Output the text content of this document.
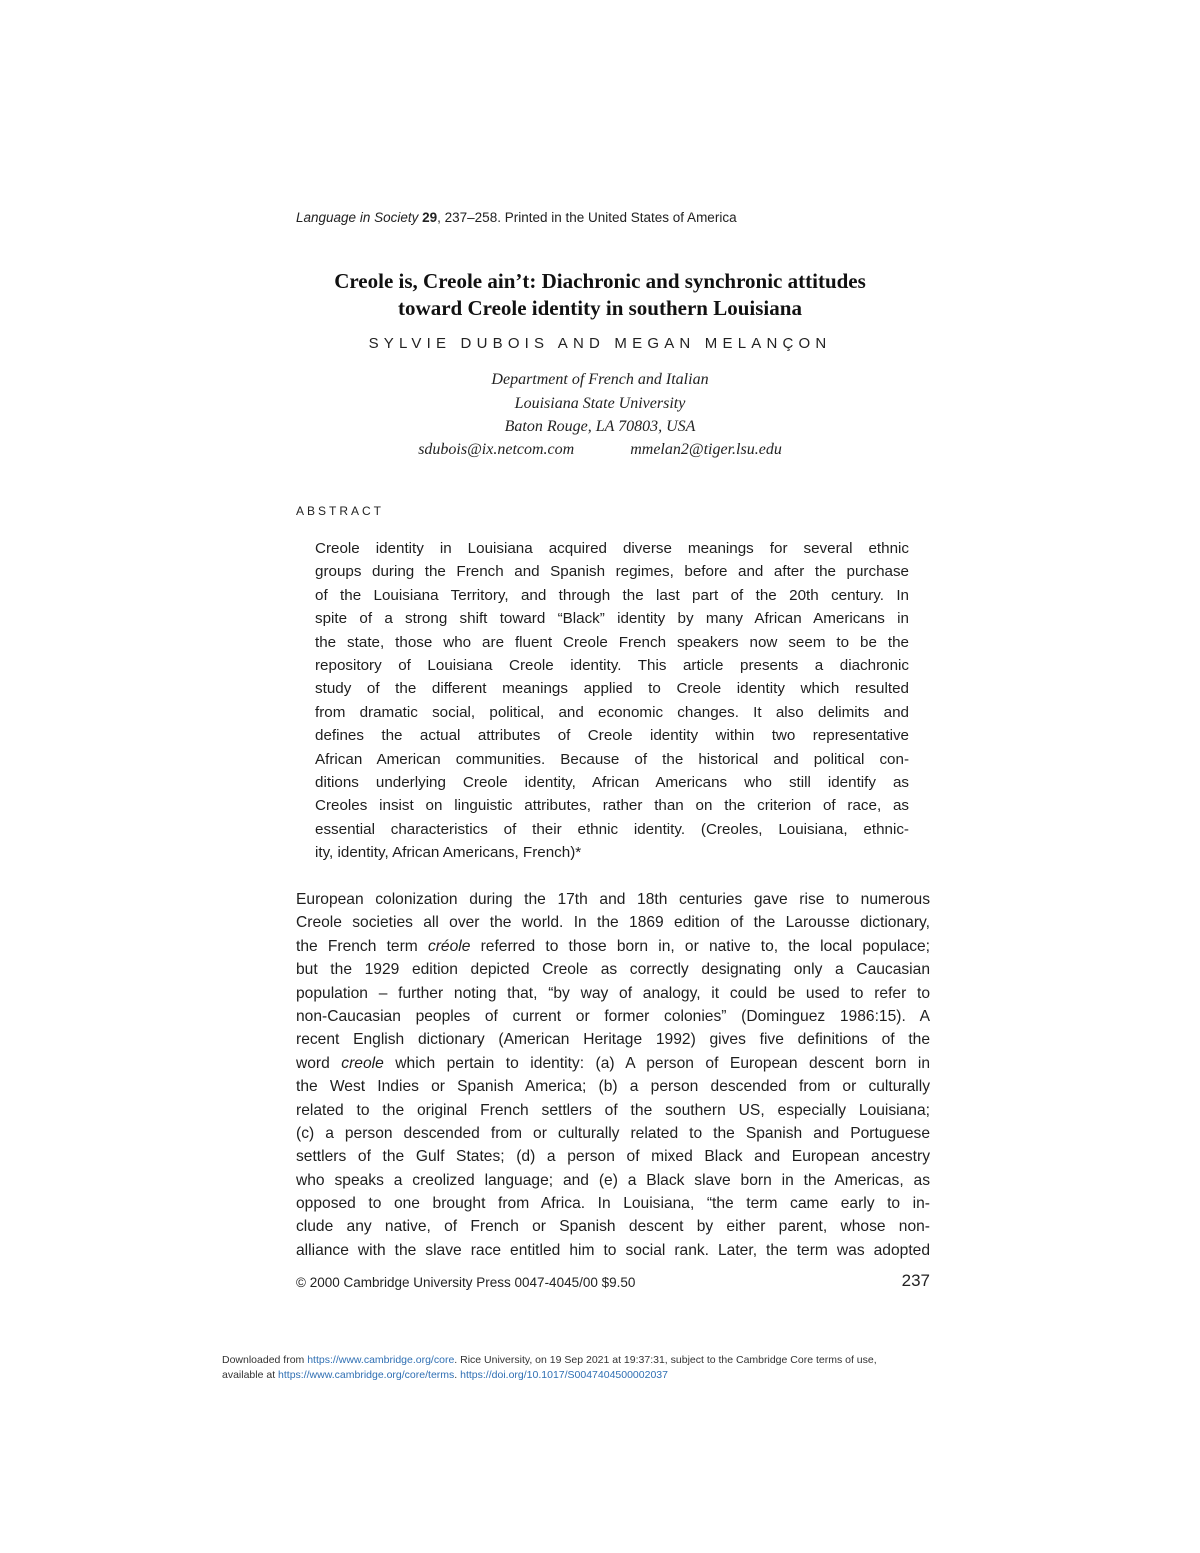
Language in Society 29, 237–258. Printed in the United States of America
Creole is, Creole ain’t: Diachronic and synchronic attitudes
toward Creole identity in southern Louisiana
SYLVIE DUBOIS AND MEGAN MELANÇON
Department of French and Italian
Louisiana State University
Baton Rouge, LA 70803, USA
sdubois@ix.netcom.com	mmelan2@tiger.lsu.edu
ABSTRACT
Creole identity in Louisiana acquired diverse meanings for several ethnic
groups during the French and Spanish regimes, before and after the purchase
of the Louisiana Territory, and through the last part of the 20th century. In
spite of a strong shift toward “Black” identity by many African Americans in
the state, those who are fluent Creole French speakers now seem to be the
repository of Louisiana Creole identity. This article presents a diachronic
study of the different meanings applied to Creole identity which resulted
from dramatic social, political, and economic changes. It also delimits and
defines the actual attributes of Creole identity within two representative
African American communities. Because of the historical and political con-
ditions underlying Creole identity, African Americans who still identify as
Creoles insist on linguistic attributes, rather than on the criterion of race, as
essential characteristics of their ethnic identity. (Creoles, Louisiana, ethnic-
ity, identity, African Americans, French)*
European colonization during the 17th and 18th centuries gave rise to numerous
Creole societies all over the world. In the 1869 edition of the Larousse dictionary,
the French term créole referred to those born in, or native to, the local populace;
but the 1929 edition depicted Creole as correctly designating only a Caucasian
population – further noting that, “by way of analogy, it could be used to refer to
non-Caucasian peoples of current or former colonies” (Dominguez 1986:15). A
recent English dictionary (American Heritage 1992) gives five definitions of the
word creole which pertain to identity: (a) A person of European descent born in
the West Indies or Spanish America; (b) a person descended from or culturally
related to the original French settlers of the southern US, especially Louisiana;
(c) a person descended from or culturally related to the Spanish and Portuguese
settlers of the Gulf States; (d) a person of mixed Black and European ancestry
who speaks a creolized language; and (e) a Black slave born in the Americas, as
opposed to one brought from Africa. In Louisiana, “the term came early to in-
clude any native, of French or Spanish descent by either parent, whose non-
alliance with the slave race entitled him to social rank. Later, the term was adopted
© 2000 Cambridge University Press 0047-4045/00 $9.50	237
Downloaded from https://www.cambridge.org/core. Rice University, on 19 Sep 2021 at 19:37:31, subject to the Cambridge Core terms of use,
available at https://www.cambridge.org/core/terms. https://doi.org/10.1017/S0047404500002037
